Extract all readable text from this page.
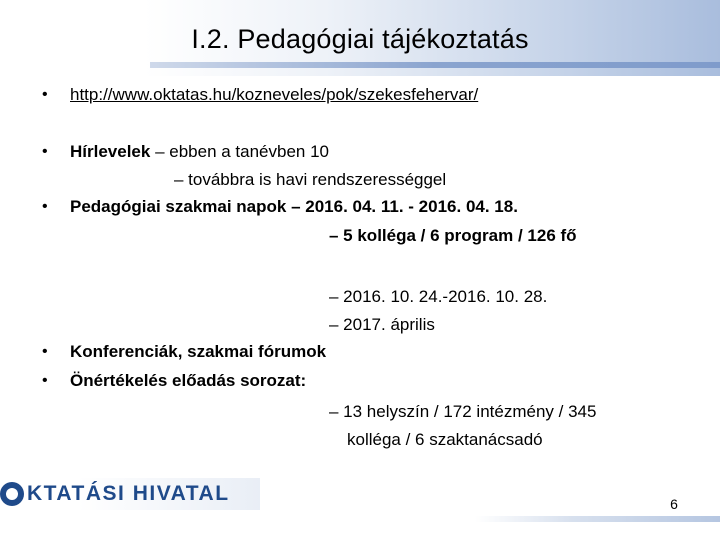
I.2. Pedagógiai tájékoztatás
• http://www.oktatas.hu/kozneveles/pok/szekesfehervar/
• Hírlevelek – ebben a tanévben 10
– továbbra is havi rendszerességgel
• Pedagógiai szakmai napok – 2016. 04. 11. - 2016. 04. 18.
– 5 kolléga / 6 program / 126 fő
– 2016. 10. 24.-2016. 10. 28.
– 2017. április
• Konferenciák, szakmai fórumok
• Önértékelés előadás sorozat:
– 13 helyszín / 172 intézmény / 345
kolléga / 6 szaktanácsadó
KTATÁSI HIVATAL	6
